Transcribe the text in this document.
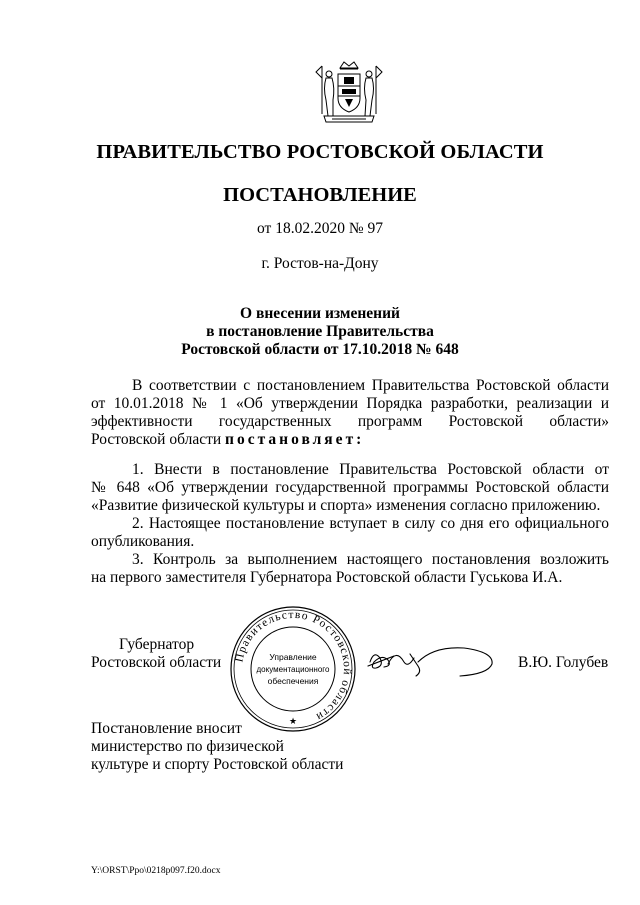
ПРАВИТЕЛЬСТВО РОСТОВСКОЙ ОБЛАСТИ
ПОСТАНОВЛЕНИЕ
от 18.02.2020 № 97
г. Ростов-на-Дону
О внесении изменений
в постановление Правительства
Ростовской области от 17.10.2018 № 648
В соответствии с постановлением Правительства Ростовской области
от 10.01.2018 № 1 «Об утверждении Порядка разработки, реализации и
эффективности государственных программ Ростовской области»
Ростовской области постановляет:
1. Внести в постановление Правительства Ростовской области от
№ 648 «Об утверждении государственной программы Ростовской области
«Развитие физической культуры и спорта» изменения согласно приложению.
2. Настоящее постановление вступает в силу со дня его официального
опубликования.
3. Контроль за выполнением настоящего постановления возложить
на первого заместителя Губернатора Ростовской области Гуськова И.А.
Губернатор
Ростовской области	Правительство Ростовской области
Управление
документационного
обеспечения
★
В.Ю. Голубев
Постановление вносит
министерство по физической
культуре и спорту Ростовской области
Y:\ORST\Ppo\0218p097.f20.docx
